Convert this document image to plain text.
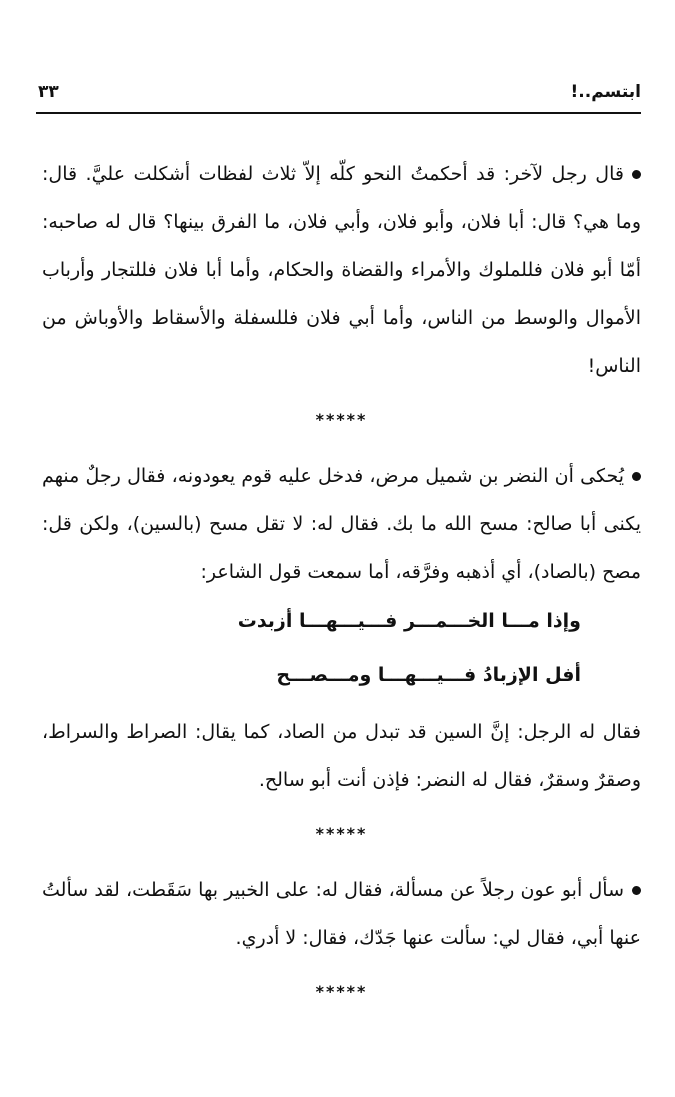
ابتسم..!
٣٣

قال رجل لآخر: قد أحكمتُ النحو كلّه إلاّ ثلاث لفظات أشكلت عليَّ. قال: وما هي؟ قال: أبا فلان، وأبو فلان، وأبي فلان، ما الفرق بينها؟ قال له صاحبه: أمّا أبو فلان فللملوك والأمراء والقضاة والحكام، وأما أبا فلان فللتجار وأرباب الأموال والوسط من الناس، وأما أبي فلان فللسفلة والأسقاط والأوباش من الناس!

*****

يُحكى أن النضر بن شميل مرض، فدخل عليه قوم يعودونه، فقال رجلٌ منهم يكنى أبا صالح: مسح الله ما بك. فقال له: لا تقل مسح (بالسين)، ولكن قل: مصح (بالصاد)، أي أذهبه وفرَّقه، أما سمعت قول الشاعر:

وإذا مـــا الخـــمـــر فـــيـــهـــا أزبدت

أفل الإزبادُ فـــيـــهـــا ومـــصـــح

فقال له الرجل: إنَّ السين قد تبدل من الصاد، كما يقال: الصراط والسراط، وصقرٌ وسقرٌ، فقال له النضر: فإذن أنت أبو سالح.

*****

سأل أبو عون رجلاً عن مسألة، فقال له: على الخبير بها سَقَطت، لقد سألتُ عنها أبي، فقال لي: سألت عنها جَدّك، فقال: لا أدري.

*****
